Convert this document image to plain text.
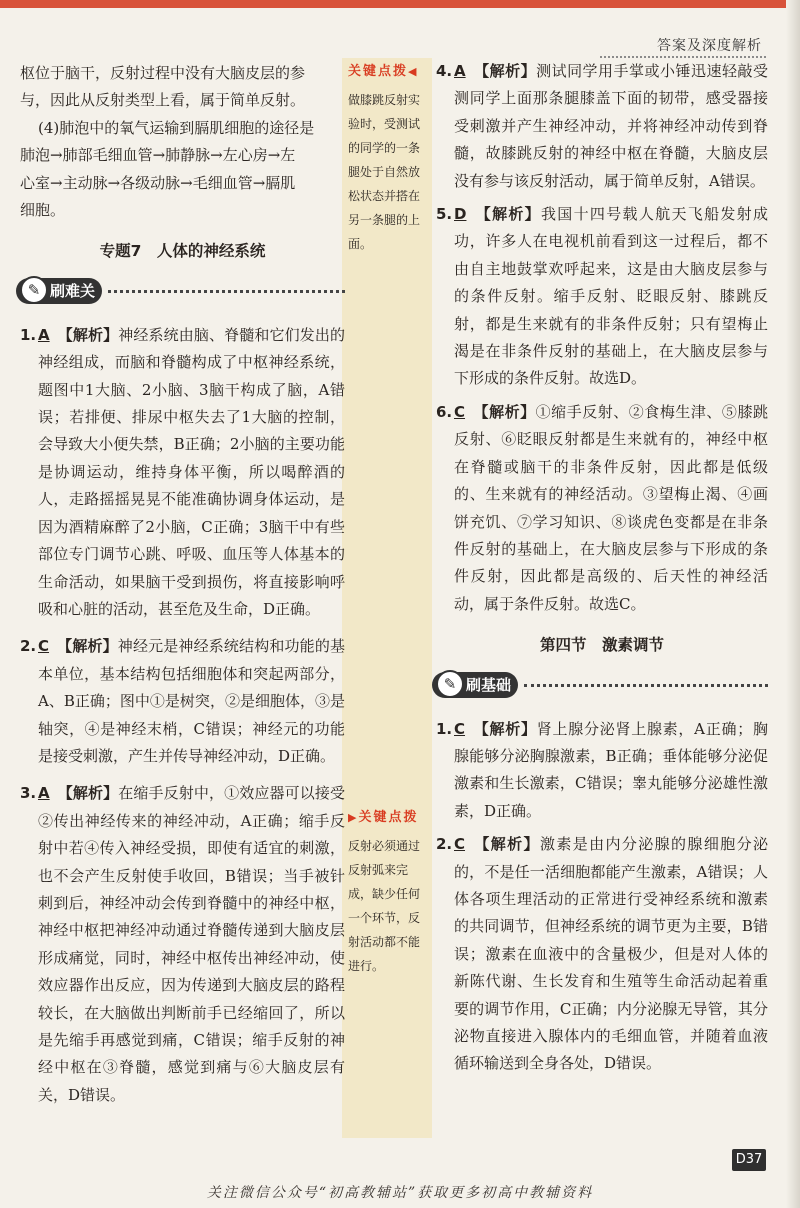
答案及深度解析

枢位于脑干，反射过程中没有大脑皮层的参

与，因此从反射类型上看，属于简单反射。

(4)肺泡中的氧气运输到膈肌细胞的途径是

肺泡→肺部毛细血管→肺静脉→左心房→左

心室→主动脉→各级动脉→毛细血管→膈肌

细胞。

专题7　人体的神经系统

刷难关
✎
1. A 【解析】神经系统由脑、脊髓和它们发出的神经组成，而脑和脊髓构成了中枢神经系统，题图中1大脑、2小脑、3脑干构成了脑，A错误；若排便、排尿中枢失去了1大脑的控制，会导致大小便失禁，B正确；2小脑的主要功能是协调运动，维持身体平衡，所以喝醉酒的人，走路摇摇晃晃不能准确协调身体运动，是因为酒精麻醉了2小脑，C正确；3脑干中有些部位专门调节心跳、呼吸、血压等人体基本的生命活动，如果脑干受到损伤，将直接影响呼吸和心脏的活动，甚至危及生命，D正确。
2. C 【解析】神经元是神经系统结构和功能的基本单位，基本结构包括细胞体和突起两部分，A、B正确；图中①是树突，②是细胞体，③是轴突，④是神经末梢，C错误；神经元的功能是接受刺激，产生并传导神经冲动，D正确。
3. A 【解析】在缩手反射中，①效应器可以接受②传出神经传来的神经冲动，A正确；缩手反射中若④传入神经受损，即使有适宜的刺激，也不会产生反射使手收回，B错误；当手被针刺到后，神经冲动会传到脊髓中的神经中枢，神经中枢把神经冲动通过脊髓传递到大脑皮层形成痛觉，同时，神经中枢传出神经冲动，使效应器作出反应，因为传递到大脑皮层的路程较长，在大脑做出判断前手已经缩回了，所以是先缩手再感觉到痛，C错误；缩手反射的神经中枢在③脊髓，感觉到痛与⑥大脑皮层有关，D错误。
关键点拨◀
做膝跳反射实验时，受测试的同学的一条腿处于自然放松状态并搭在另一条腿的上面。
▶关键点拨
反射必须通过反射弧来完成，缺少任何一个环节，反射活动都不能进行。
4. A 【解析】测试同学用手掌或小锤迅速轻敲受测同学上面那条腿膝盖下面的韧带，感受器接受刺激并产生神经冲动，并将神经冲动传到脊髓，故膝跳反射的神经中枢在脊髓，大脑皮层没有参与该反射活动，属于简单反射，A错误。
5. D 【解析】我国十四号载人航天飞船发射成功，许多人在电视机前看到这一过程后，都不由自主地鼓掌欢呼起来，这是由大脑皮层参与的条件反射。缩手反射、眨眼反射、膝跳反射，都是生来就有的非条件反射；只有望梅止渴是在非条件反射的基础上，在大脑皮层参与下形成的条件反射。故选D。
6. C 【解析】①缩手反射、②食梅生津、⑤膝跳反射、⑥眨眼反射都是生来就有的，神经中枢在脊髓或脑干的非条件反射，因此都是低级的、生来就有的神经活动。③望梅止渴、④画饼充饥、⑦学习知识、⑧谈虎色变都是在非条件反射的基础上，在大脑皮层参与下形成的条件反射，因此都是高级的、后天性的神经活动，属于条件反射。故选C。

第四节　激素调节

刷基础
✎
1. C 【解析】肾上腺分泌肾上腺素，A正确；胸腺能够分泌胸腺激素，B正确；垂体能够分泌促激素和生长激素，C错误；睾丸能够分泌雄性激素，D正确。
2. C 【解析】激素是由内分泌腺的腺细胞分泌的，不是任一活细胞都能产生激素，A错误；人体各项生理活动的正常进行受神经系统和激素的共同调节，但神经系统的调节更为主要，B错误；激素在血液中的含量极少，但是对人体的新陈代谢、生长发育和生殖等生命活动起着重要的调节作用，C正确；内分泌腺无导管，其分泌物直接进入腺体内的毛细血管，并随着血液循环输送到全身各处，D错误。
D37
关注微信公众号“初高教辅站”获取更多初高中教辅资料
